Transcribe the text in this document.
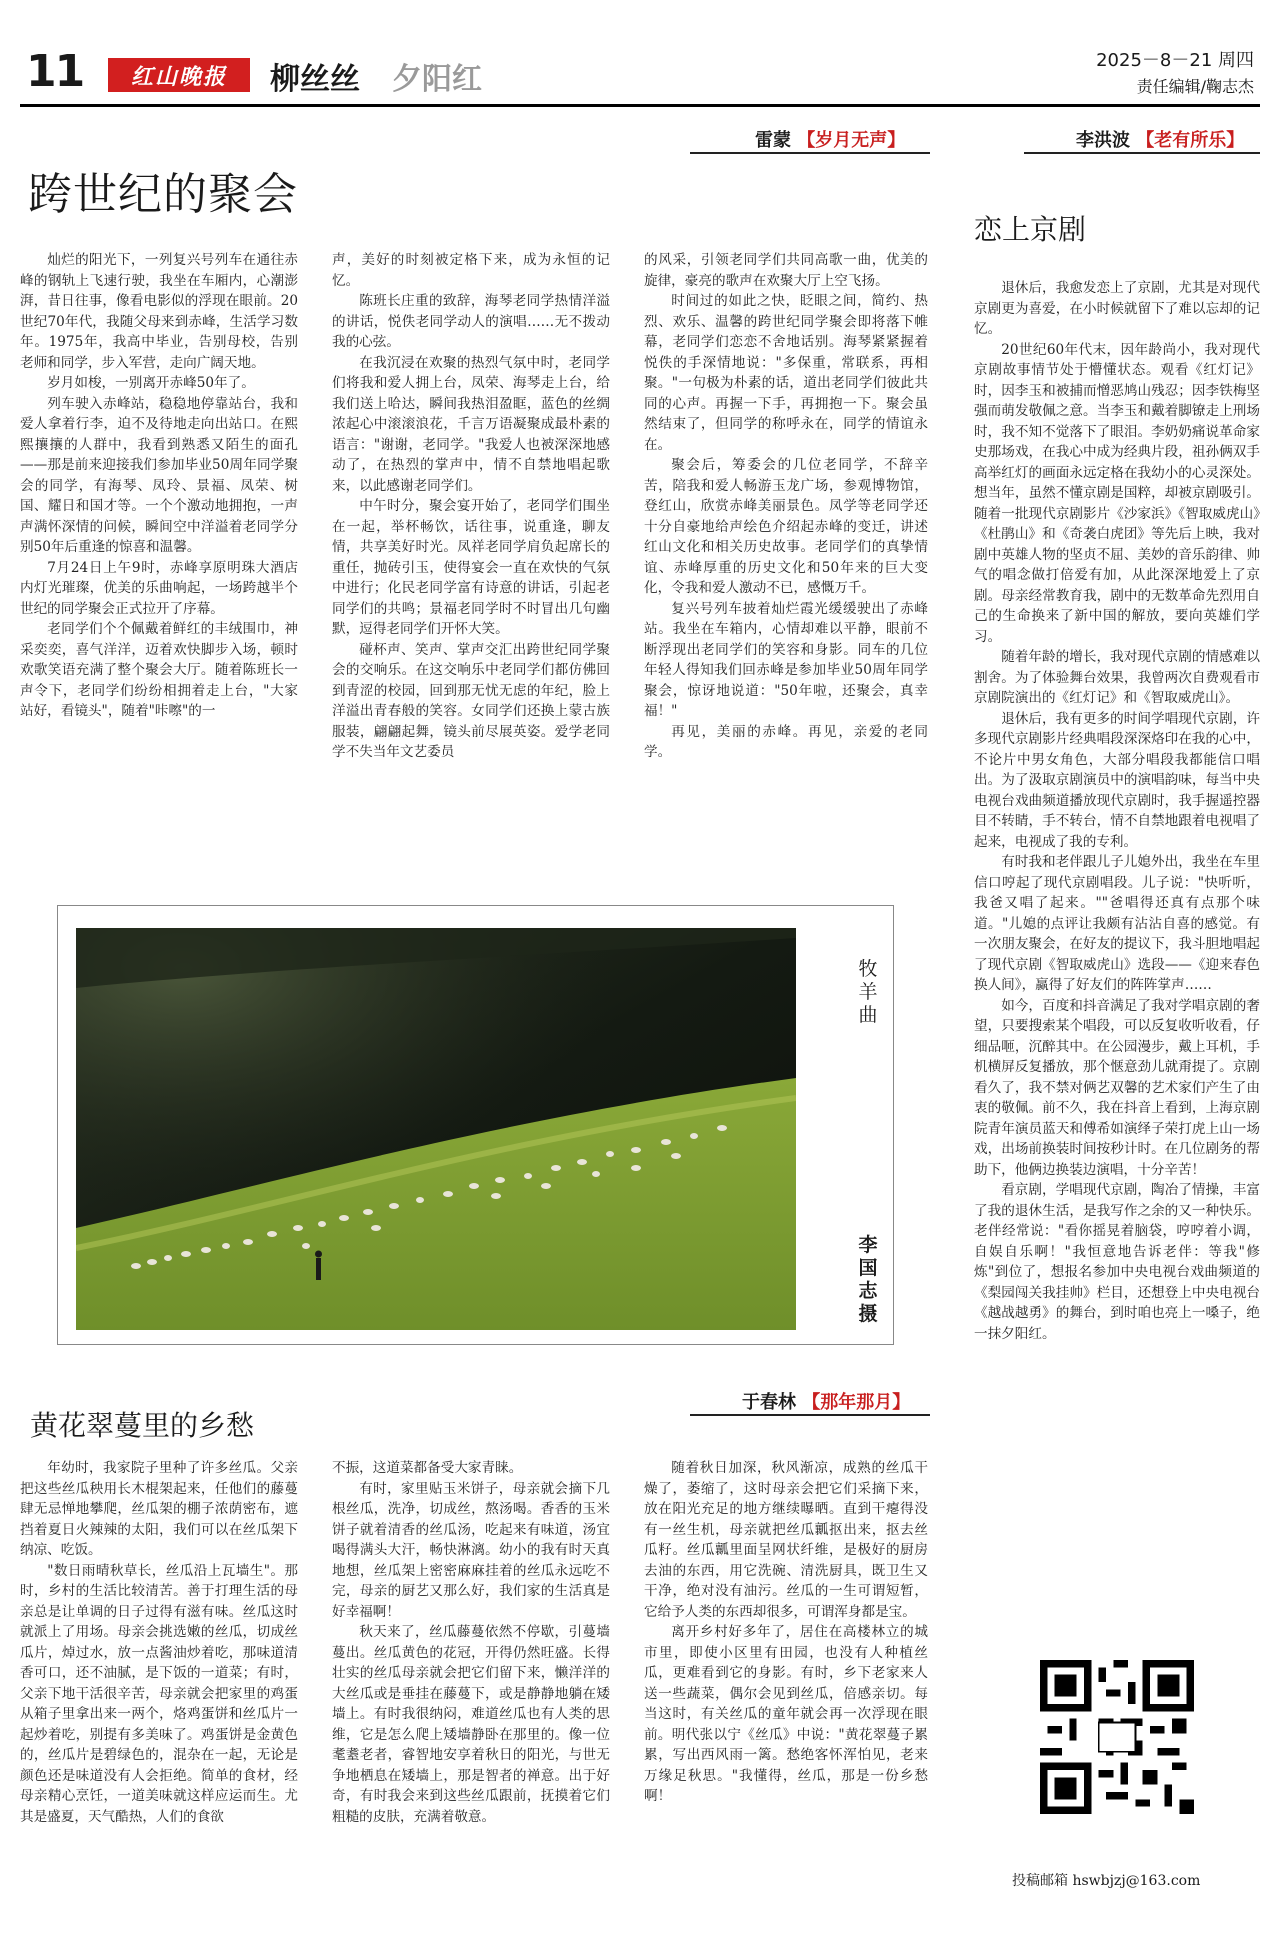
11	红山晚报	柳丝丝 夕阳红
2025－8－21 周四
责任编辑/鞠志杰
雷蒙 【岁月无声】	李洪波 【老有所乐】
跨世纪的聚会
恋上京剧

灿烂的阳光下，一列复兴号列车在通往赤峰的钢轨上飞速行驶，我坐在车厢内，心潮澎湃，昔日往事，像看电影似的浮现在眼前。20世纪70年代，我随父母来到赤峰，生活学习数年。1975年，我高中毕业，告别母校，告别老师和同学，步入军营，走向广阔天地。

岁月如梭，一别离开赤峰50年了。

列车驶入赤峰站，稳稳地停靠站台，我和爱人拿着行李，迫不及待地走向出站口。在熙熙攘攘的人群中，我看到熟悉又陌生的面孔——那是前来迎接我们参加毕业50周年同学聚会的同学，有海琴、凤玲、景福、凤荣、树国、耀日和国才等。一个个激动地拥抱，一声声满怀深情的问候，瞬间空中洋溢着老同学分别50年后重逢的惊喜和温馨。

7月24日上午9时，赤峰享原明珠大酒店内灯光璀璨，优美的乐曲响起，一场跨越半个世纪的同学聚会正式拉开了序幕。

老同学们个个佩戴着鲜红的丰绒围巾，神采奕奕，喜气洋洋，迈着欢快脚步入场，顿时欢歌笑语充满了整个聚会大厅。随着陈班长一声令下，老同学们纷纷相拥着走上台，"大家站好，看镜头"，随着"咔嚓"的一

声，美好的时刻被定格下来，成为永恒的记忆。

陈班长庄重的致辞，海琴老同学热情洋溢的讲话，悦佚老同学动人的演唱……无不拨动我的心弦。

在我沉浸在欢聚的热烈气氛中时，老同学们将我和爱人拥上台，凤荣、海琴走上台，给我们送上哈达，瞬间我热泪盈眶，蓝色的丝绸浓起心中滚滚浪花，千言万语凝聚成最朴素的语言："谢谢，老同学。"我爱人也被深深地感动了，在热烈的掌声中，情不自禁地唱起歌来，以此感谢老同学们。

中午时分，聚会宴开始了，老同学们围坐在一起，举杯畅饮，话往事，说重逢，聊友情，共享美好时光。凤祥老同学肩负起席长的重任，抛砖引玉，使得宴会一直在欢快的气氛中进行；化民老同学富有诗意的讲话，引起老同学们的共鸣；景福老同学时不时冒出几句幽默，逗得老同学们开怀大笑。

碰杯声、笑声、掌声交汇出跨世纪同学聚会的交响乐。在这交响乐中老同学们都仿佛回到青涩的校园，回到那无忧无虑的年纪，脸上洋溢出青春般的笑容。女同学们还换上蒙古族服装，翩翩起舞，镜头前尽展英姿。爱学老同学不失当年文艺委员

的风采，引领老同学们共同高歌一曲，优美的旋律，豪亮的歌声在欢聚大厅上空飞扬。

时间过的如此之快，眨眼之间，简约、热烈、欢乐、温馨的跨世纪同学聚会即将落下帷幕，老同学们恋恋不舍地话别。海琴紧紧握着悦佚的手深情地说："多保重，常联系，再相聚。"一句极为朴素的话，道出老同学们彼此共同的心声。再握一下手，再拥抱一下。聚会虽然结束了，但同学的称呼永在，同学的情谊永在。

聚会后，筹委会的几位老同学，不辞辛苦，陪我和爱人畅游玉龙广场，参观博物馆，登红山，欣赏赤峰美丽景色。凤学等老同学还十分自豪地给声绘色介绍起赤峰的变迁，讲述红山文化和相关历史故事。老同学们的真挚情谊、赤峰厚重的历史文化和50年来的巨大变化，令我和爱人激动不已，感慨万千。

复兴号列车披着灿烂霞光缓缓驶出了赤峰站。我坐在车箱内，心情却难以平静，眼前不断浮现出老同学们的笑容和身影。同车的几位年轻人得知我们回赤峰是参加毕业50周年同学聚会，惊讶地说道："50年啦，还聚会，真幸福！"

再见，美丽的赤峰。再见，亲爱的老同学。

退休后，我愈发恋上了京剧，尤其是对现代京剧更为喜爱，在小时候就留下了难以忘却的记忆。

20世纪60年代末，因年龄尚小，我对现代京剧故事情节处于懵懂状态。观看《红灯记》时，因李玉和被捕而憎恶鸠山残忍；因李铁梅坚强而萌发敬佩之意。当李玉和戴着脚镣走上刑场时，我不知不觉落下了眼泪。李奶奶痛说革命家史那场戏，在我心中成为经典片段，祖孙俩双手高举红灯的画面永远定格在我幼小的心灵深处。想当年，虽然不懂京剧是国粹，却被京剧吸引。随着一批现代京剧影片《沙家浜》《智取威虎山》《杜鹃山》和《奇袭白虎团》等先后上映，我对剧中英雄人物的坚贞不屈、美妙的音乐韵律、帅气的唱念做打倍爱有加，从此深深地爱上了京剧。母亲经常教育我，剧中的无数革命先烈用自己的生命换来了新中国的解放，要向英雄们学习。

随着年龄的增长，我对现代京剧的情感难以割舍。为了体验舞台效果，我曾两次自费观看市京剧院演出的《红灯记》和《智取威虎山》。

退休后，我有更多的时间学唱现代京剧，许多现代京剧影片经典唱段深深烙印在我的心中，不论片中男女角色，大部分唱段我都能信口唱出。为了汲取京剧演员中的演唱韵味，每当中央电视台戏曲频道播放现代京剧时，我手握遥控器目不转睛，手不转台，情不自禁地跟着电视唱了起来，电视成了我的专利。

有时我和老伴跟儿子儿媳外出，我坐在车里信口哼起了现代京剧唱段。儿子说："快听听，我爸又唱了起来。""爸唱得还真有点那个味道。"儿媳的点评让我颇有沾沾自喜的感觉。有一次朋友聚会，在好友的提议下，我斗胆地唱起了现代京剧《智取威虎山》选段——《迎来春色换人间》，赢得了好友们的阵阵掌声……

如今，百度和抖音满足了我对学唱京剧的奢望，只要搜索某个唱段，可以反复收听收看，仔细品咂，沉醉其中。在公园漫步，戴上耳机，手机横屏反复播放，那个惬意劲儿就甭提了。京剧看久了，我不禁对俩艺双馨的艺术家们产生了由衷的敬佩。前不久，我在抖音上看到，上海京剧院青年演员蓝天和傅希如演绎子荣打虎上山一场戏，出场前换装时间按秒计时。在几位剧务的帮助下，他俩边换装边演唱，十分辛苦！

看京剧，学唱现代京剧，陶冶了情操，丰富了我的退休生活，是我写作之余的又一种快乐。老伴经常说："看你摇晃着脑袋，哼哼着小调，自娱自乐啊！"我恒意地告诉老伴：等我"修炼"到位了，想报名参加中央电视台戏曲频道的《梨园闯关我挂帅》栏目，还想登上中央电视台《越战越勇》的舞台，到时咱也亮上一嗓子，绝一抹夕阳红。

牧羊曲
李国志摄
黄花翠蔓里的乡愁
于春林 【那年那月】

年幼时，我家院子里种了许多丝瓜。父亲把这些丝瓜秧用长木棍架起来，任他们的藤蔓肆无忌惮地攀爬，丝瓜架的棚子浓荫密布，遮挡着夏日火辣辣的太阳，我们可以在丝瓜架下纳凉、吃饭。

"数日雨晴秋草长，丝瓜沿上瓦墙生"。那时，乡村的生活比较清苦。善于打理生活的母亲总是让单调的日子过得有滋有味。丝瓜这时就派上了用场。母亲会挑选嫩的丝瓜，切成丝瓜片，焯过水，放一点酱油炒着吃，那味道清香可口，还不油腻，是下饭的一道菜；有时，父亲下地干活很辛苦，母亲就会把家里的鸡蛋从箱子里拿出来一两个，烙鸡蛋饼和丝瓜片一起炒着吃，别提有多美味了。鸡蛋饼是金黄色的，丝瓜片是碧绿色的，混杂在一起，无论是颜色还是味道没有人会拒绝。简单的食材，经母亲精心烹饪，一道美味就这样应运而生。尤其是盛夏，天气酷热，人们的食欲

不振，这道菜都备受大家青睐。

有时，家里贴玉米饼子，母亲就会摘下几根丝瓜，洗净，切成丝，熬汤喝。香香的玉米饼子就着清香的丝瓜汤，吃起来有味道，汤宜喝得满头大汗，畅快淋漓。幼小的我有时天真地想，丝瓜架上密密麻麻挂着的丝瓜永远吃不完，母亲的厨艺又那么好，我们家的生活真是好幸福啊！

秋天来了，丝瓜藤蔓依然不停歇，引蔓墙蔓出。丝瓜黄色的花冠，开得仍然旺盛。长得壮实的丝瓜母亲就会把它们留下来，懒洋洋的大丝瓜或是垂挂在藤蔓下，或是静静地躺在矮墙上。有时我很纳闷，难道丝瓜也有人类的思维，它是怎么爬上矮墙静卧在那里的。像一位耄耋老者，睿智地安享着秋日的阳光，与世无争地栖息在矮墙上，那是智者的禅意。出于好奇，有时我会来到这些丝瓜跟前，抚摸着它们粗糙的皮肤，充满着敬意。

随着秋日加深，秋风渐凉，成熟的丝瓜干燥了，萎缩了，这时母亲会把它们采摘下来，放在阳光充足的地方继续曝晒。直到干瘪得没有一丝生机，母亲就把丝瓜瓤抠出来，抠去丝瓜籽。丝瓜瓤里面呈网状纤维，是极好的厨房去油的东西，用它洗碗、清洗厨具，既卫生又干净，绝对没有油污。丝瓜的一生可谓短暂，它给予人类的东西却很多，可谓浑身都是宝。

离开乡村好多年了，居住在高楼林立的城市里，即使小区里有田园，也没有人种植丝瓜，更难看到它的身影。有时，乡下老家来人送一些蔬菜，偶尔会见到丝瓜，倍感亲切。每当这时，有关丝瓜的童年就会再一次浮现在眼前。明代张以宁《丝瓜》中说："黄花翠蔓子累累，写出西风雨一篱。愁绝客怀浑怕见，老来万缘足秋思。"我懂得，丝瓜，那是一份乡愁啊！

投稿邮箱 hswbjzj@163.com
